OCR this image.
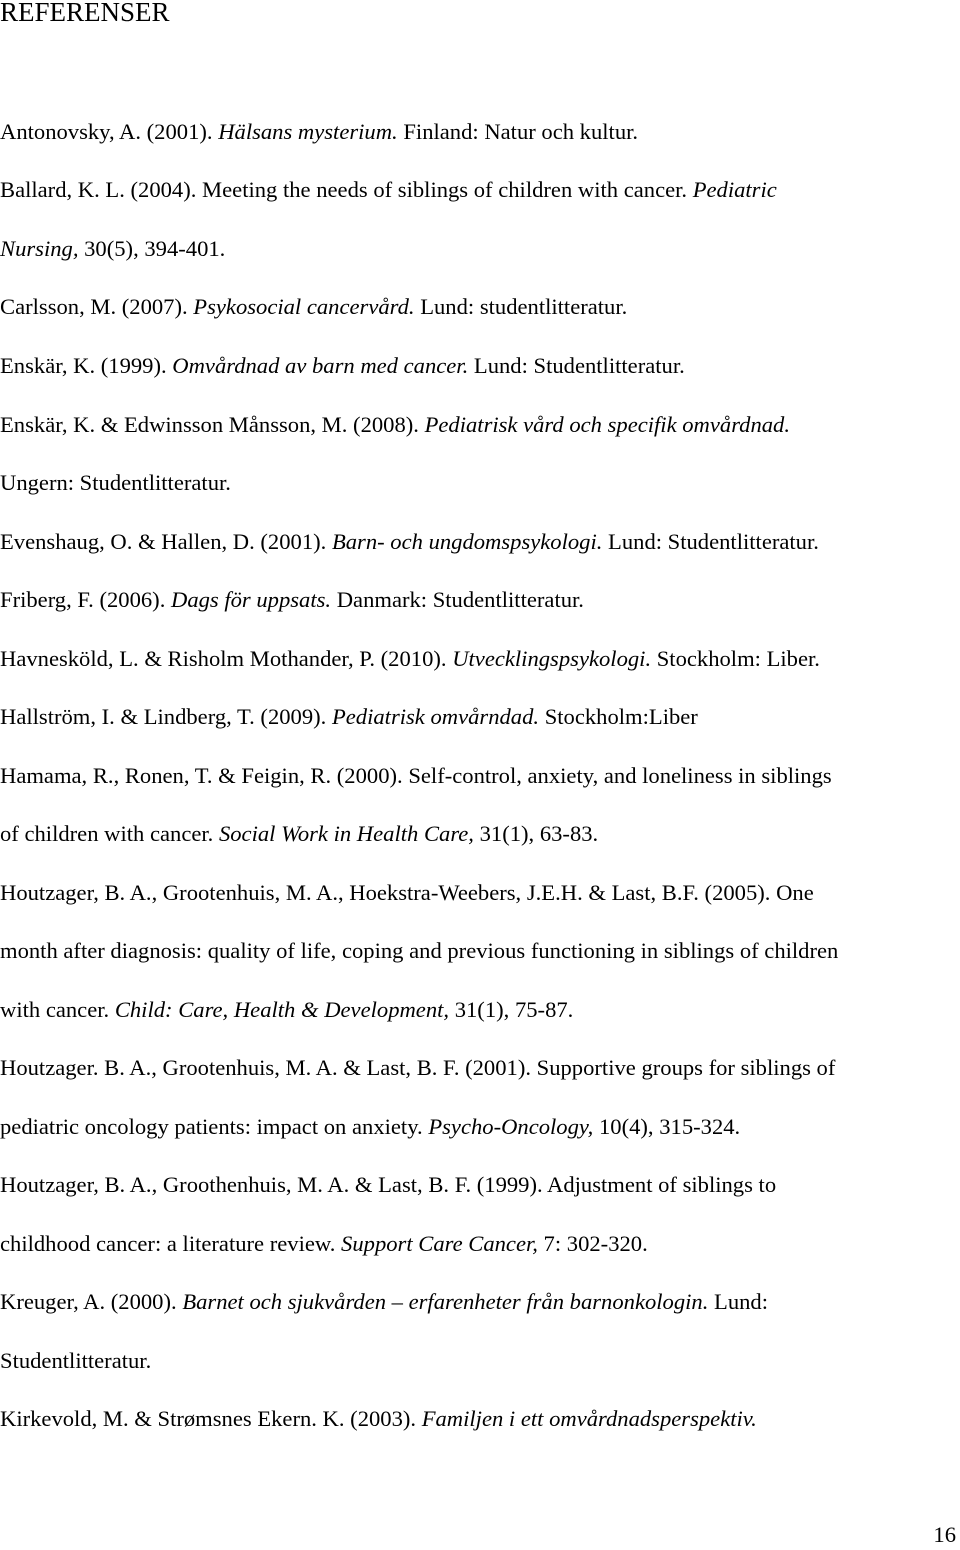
REFERENSER
Antonovsky, A. (2001). Hälsans mysterium. Finland: Natur och kultur.
Ballard, K. L. (2004). Meeting the needs of siblings of children with cancer. Pediatric
Nursing, 30(5), 394-401.
Carlsson, M. (2007). Psykosocial cancervård. Lund: studentlitteratur.
Enskär, K. (1999). Omvårdnad av barn med cancer. Lund: Studentlitteratur.
Enskär, K. & Edwinsson Månsson, M. (2008). Pediatrisk vård och specifik omvårdnad.
Ungern: Studentlitteratur.
Evenshaug, O. & Hallen, D. (2001). Barn- och ungdomspsykologi. Lund: Studentlitteratur.
Friberg, F. (2006). Dags för uppsats. Danmark: Studentlitteratur.
Havnesköld, L. & Risholm Mothander, P. (2010). Utvecklingspsykologi. Stockholm: Liber.
Hallström, I. & Lindberg, T. (2009). Pediatrisk omvårndad. Stockholm:Liber
Hamama, R., Ronen, T. & Feigin, R. (2000). Self-control, anxiety, and loneliness in siblings
of children with cancer. Social Work in Health Care, 31(1), 63-83.
Houtzager, B. A., Grootenhuis, M. A., Hoekstra-Weebers, J.E.H. & Last, B.F. (2005). One
month after diagnosis: quality of life, coping and previous functioning in siblings of children
with cancer. Child: Care, Health & Development, 31(1), 75-87.
Houtzager. B. A., Grootenhuis, M. A. & Last, B. F. (2001). Supportive groups for siblings of
pediatric oncology patients: impact on anxiety. Psycho-Oncology, 10(4), 315-324.
Houtzager, B. A., Groothenhuis, M. A. & Last, B. F. (1999). Adjustment of siblings to
childhood cancer: a literature review. Support Care Cancer, 7: 302-320.
Kreuger, A. (2000). Barnet och sjukvården – erfarenheter från barnonkologin. Lund:
Studentlitteratur.
Kirkevold, M. & Strømsnes Ekern. K. (2003). Familjen i ett omvårdnadsperspektiv.
16
